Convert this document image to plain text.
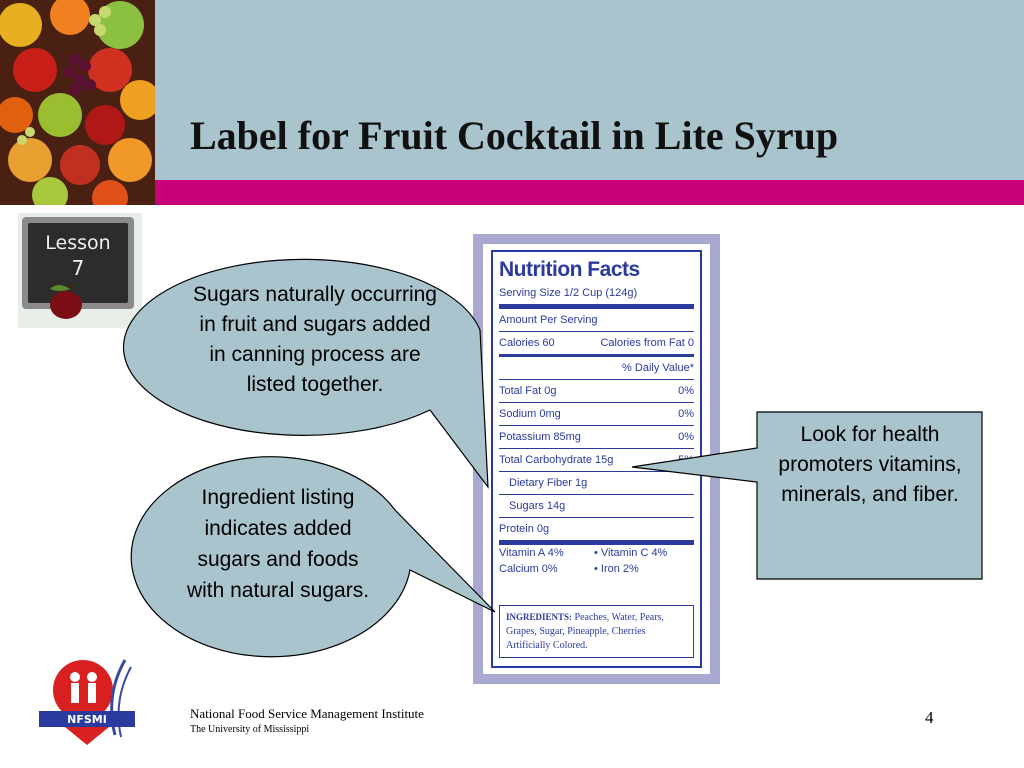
Label for Fruit Cocktail in Lite Syrup
Lesson
7	Nutrition Facts
Serving Size 1/2 Cup (124g)
Amount Per Serving
Calories 60	Calories from Fat 0
% Daily Value*
Total Fat 0g	0%
Sodium 0mg	0%
Potassium 85mg	0%
Total Carbohydrate 15g
Dietary Fiber 1g
Sugars 14g
Protein 0g
Vitamin A 4%	• Vitamin C 4%
Calcium 0%	• Iron 2%
INGREDIENTS: Peaches, Water, Pears, Grapes, Sugar, Pineapple, Cherries Artificially Colored.
Sugars naturally occurring in fruit and sugars added in canning process are listed together.
Ingredient listing indicates added sugars and foods with natural sugars.
Look for health promoters vitamins, minerals, and fiber.
NFSMI	National Food Service Management Institute
The University of Mississippi
4
